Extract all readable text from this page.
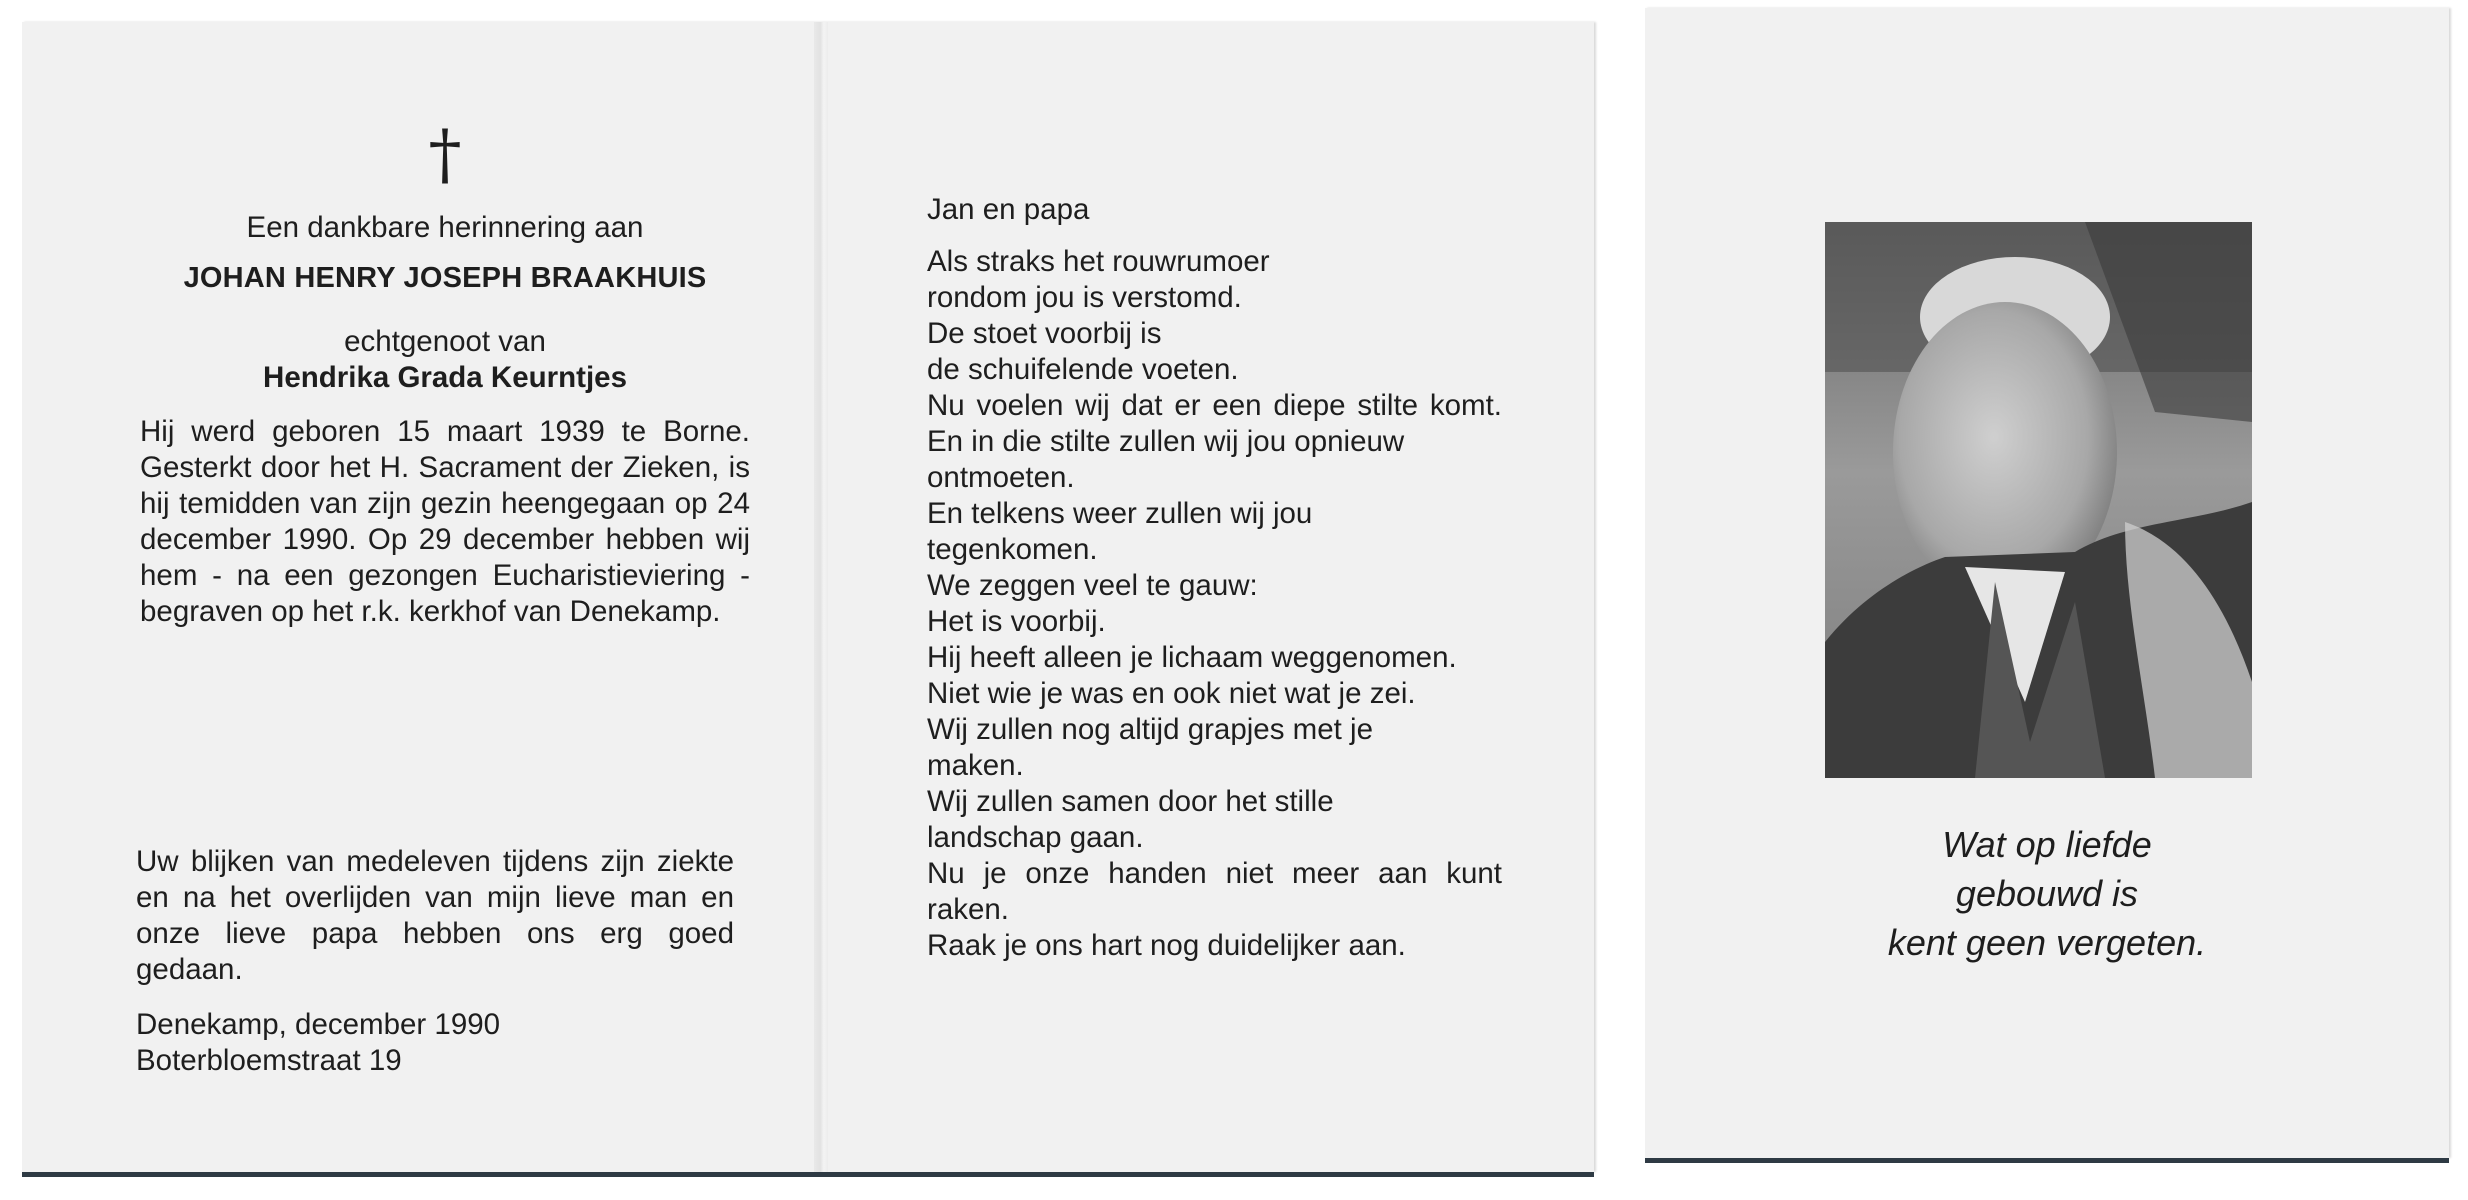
†

Een dankbare herinnering aan

JOHAN HENRY JOSEPH BRAAKHUIS

echtgenoot van

Hendrika Grada Keurntjes

Hij werd geboren 15 maart 1939 te Borne. Gesterkt door het H. Sacrament der Zieken, is hij temidden van zijn gezin heengegaan op 24 december 1990. Op 29 december hebben wij hem - na een gezongen Eucharistieviering - begraven op het r.k. kerkhof van Denekamp.

Uw blijken van medeleven tijdens zijn ziekte en na het overlijden van mijn lieve man en onze lieve papa hebben ons erg goed gedaan.

Denekamp, december 1990
Boterbloemstraat 19

Jan en papa

Als straks het rouwrumoer

rondom jou is verstomd.

De stoet voorbij is

de schuifelende voeten.

Nu voelen wij dat er een diepe stilte komt.

En in die stilte zullen wij jou opnieuw

ontmoeten.

En telkens weer zullen wij jou

tegenkomen.

We zeggen veel te gauw:

Het is voorbij.

Hij heeft alleen je lichaam weggenomen.

Niet wie je was en ook niet wat je zei.

Wij zullen nog altijd grapjes met je

maken.

Wij zullen samen door het stille

landschap gaan.

Nu je onze handen niet meer aan kunt

raken.

Raak je ons hart nog duidelijker aan.

Wat op liefde

gebouwd is

kent geen vergeten.
